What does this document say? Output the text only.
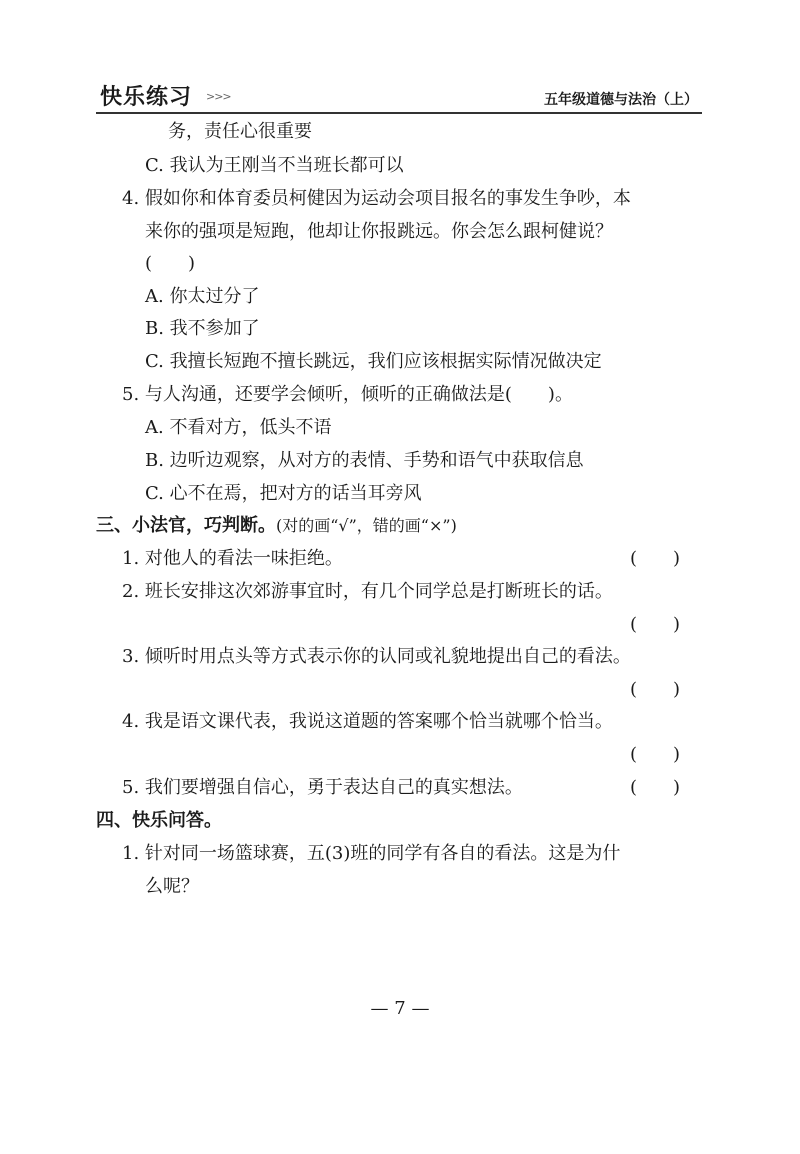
快乐练习 >>>	五年级道德与法治（上）
务，责任心很重要
C. 我认为王刚当不当班长都可以
4. 假如你和体育委员柯健因为运动会项目报名的事发生争吵，本
来你的强项是短跑，他却让你报跳远。你会怎么跟柯健说？
(　　)
A. 你太过分了
B. 我不参加了
C. 我擅长短跑不擅长跳远，我们应该根据实际情况做决定
5. 与人沟通，还要学会倾听，倾听的正确做法是(　　)。
A. 不看对方，低头不语
B. 边听边观察，从对方的表情、手势和语气中获取信息
C. 心不在焉，把对方的话当耳旁风
三、小法官，巧判断。(对的画“√”，错的画“×”)
1. 对他人的看法一味拒绝。	(　　)
2. 班长安排这次郊游事宜时，有几个同学总是打断班长的话。
(　　)
3. 倾听时用点头等方式表示你的认同或礼貌地提出自己的看法。
(　　)
4. 我是语文课代表，我说这道题的答案哪个恰当就哪个恰当。
(　　)
5. 我们要增强自信心，勇于表达自己的真实想法。	(　　)
四、快乐问答。
1. 针对同一场篮球赛，五(3)班的同学有各自的看法。这是为什
么呢？
— 7 —
